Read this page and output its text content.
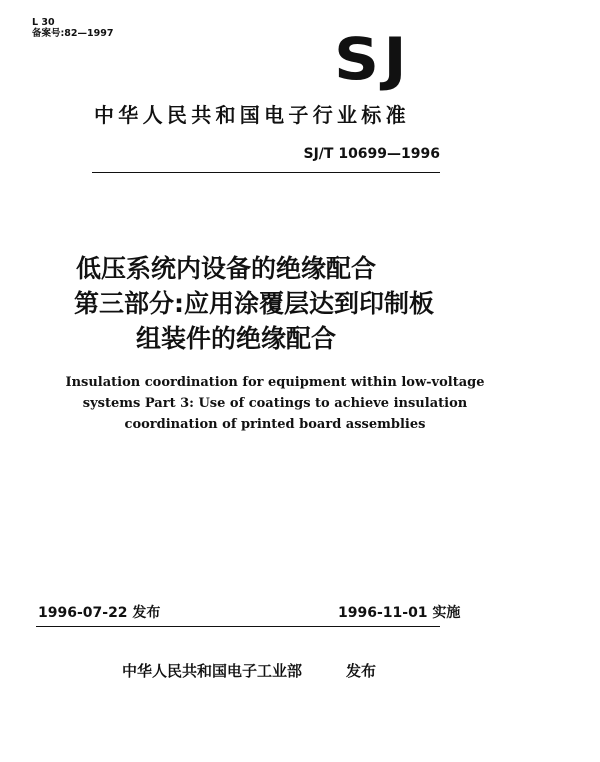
L 30
备案号:82—1997	SJ
中华人民共和国电子行业标准
SJ/T 10699—1996
低压系统内设备的绝缘配合
第三部分:应用涂覆层达到印制板
组装件的绝缘配合
Insulation coordination for equipment within low-voltage
systems Part 3: Use of coatings to achieve insulation
coordination of printed board assemblies
1996-07-22 发布	1996-11-01 实施
中华人民共和国电子工业部	发布
